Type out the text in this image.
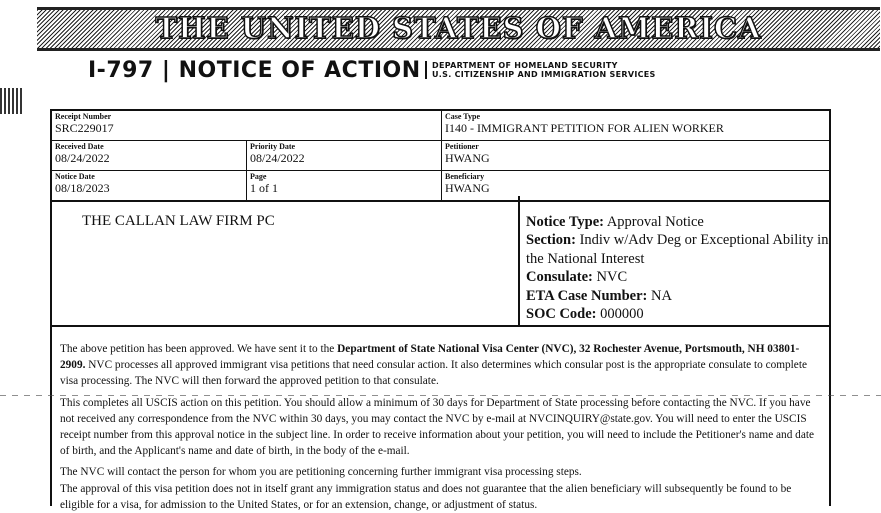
THE UNITED STATES OF AMERICA
I-797 | NOTICE OF ACTION DEPARTMENT OF HOMELAND SECURITY
U.S. CITIZENSHIP AND IMMIGRATION SERVICES
Receipt Number
SRC229017
Case Type
I140 - IMMIGRANT PETITION FOR ALIEN WORKER
Received Date
08/24/2022
Priority Date
08/24/2022
Petitioner
HWANG
Notice Date
08/18/2023
Page
1 of 1
Beneficiary
HWANG
THE CALLAN LAW FIRM PC	Notice Type: Approval Notice
Section: Indiv w/Adv Deg or Exceptional Ability in the National Interest
Consulate: NVC
ETA Case Number: NA
SOC Code: 000000

The above petition has been approved. We have sent it to the Department of State National Visa Center (NVC), 32 Rochester Avenue, Portsmouth, NH 03801-2909. NVC processes all approved immigrant visa petitions that need consular action. It also determines which consular post is the appropriate consulate to complete visa processing. The NVC will then forward the approved petition to that consulate.

This completes all USCIS action on this petition. You should allow a minimum of 30 days for Department of State processing before contacting the NVC. If you have not received any correspondence from the NVC within 30 days, you may contact the NVC by e-mail at NVCINQUIRY@state.gov. You will need to enter the USCIS receipt number from this approval notice in the subject line. In order to receive information about your petition, you will need to include the Petitioner's name and date of birth, and the Applicant's name and date of birth, in the body of the e-mail.

The NVC will contact the person for whom you are petitioning concerning further immigrant visa processing steps.

The approval of this visa petition does not in itself grant any immigration status and does not guarantee that the alien beneficiary will subsequently be found to be eligible for a visa, for admission to the United States, or for an extension, change, or adjustment of status.
